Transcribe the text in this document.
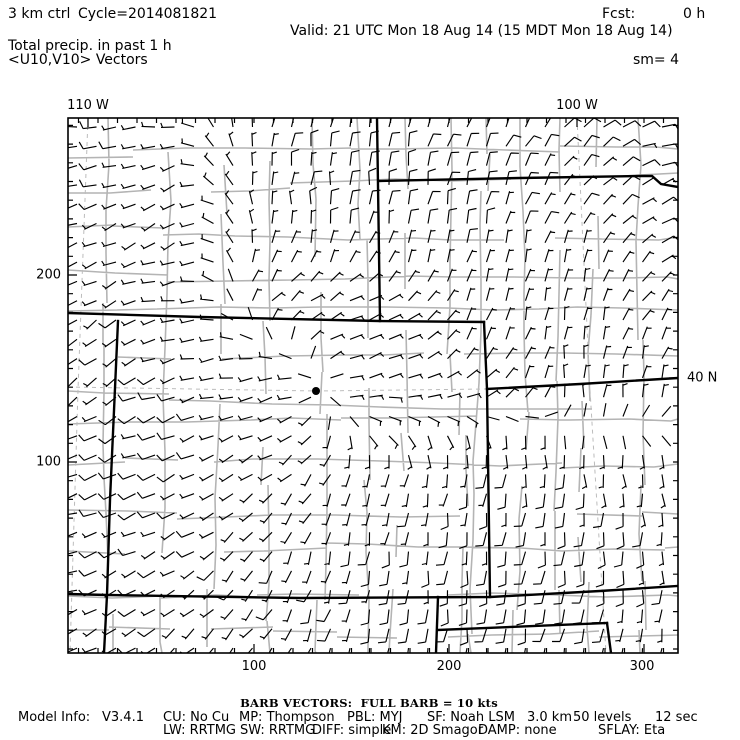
3 km ctrl Cycle=2014081821	Fcst:	0 h
Valid: 21 UTC Mon 18 Aug 14 (15 MDT Mon 18 Aug 14)
Total precip. in past 1 h
<U10,V10> Vectors	sm= 4
110 W	100 W
100	200	300
200
100
40 N
BARB VECTORS:  FULL BARB = 10 kts
Model Info: V3.4.1 CU: No Cu MP: Thompson PBL: MYJ SF: Noah LSM 3.0 km 50 levels 12 sec
LW: RRTMG SW: RRTMG
DIFF: simple
KM: 2D Smagor
DAMP: none	SFLAY: Eta
